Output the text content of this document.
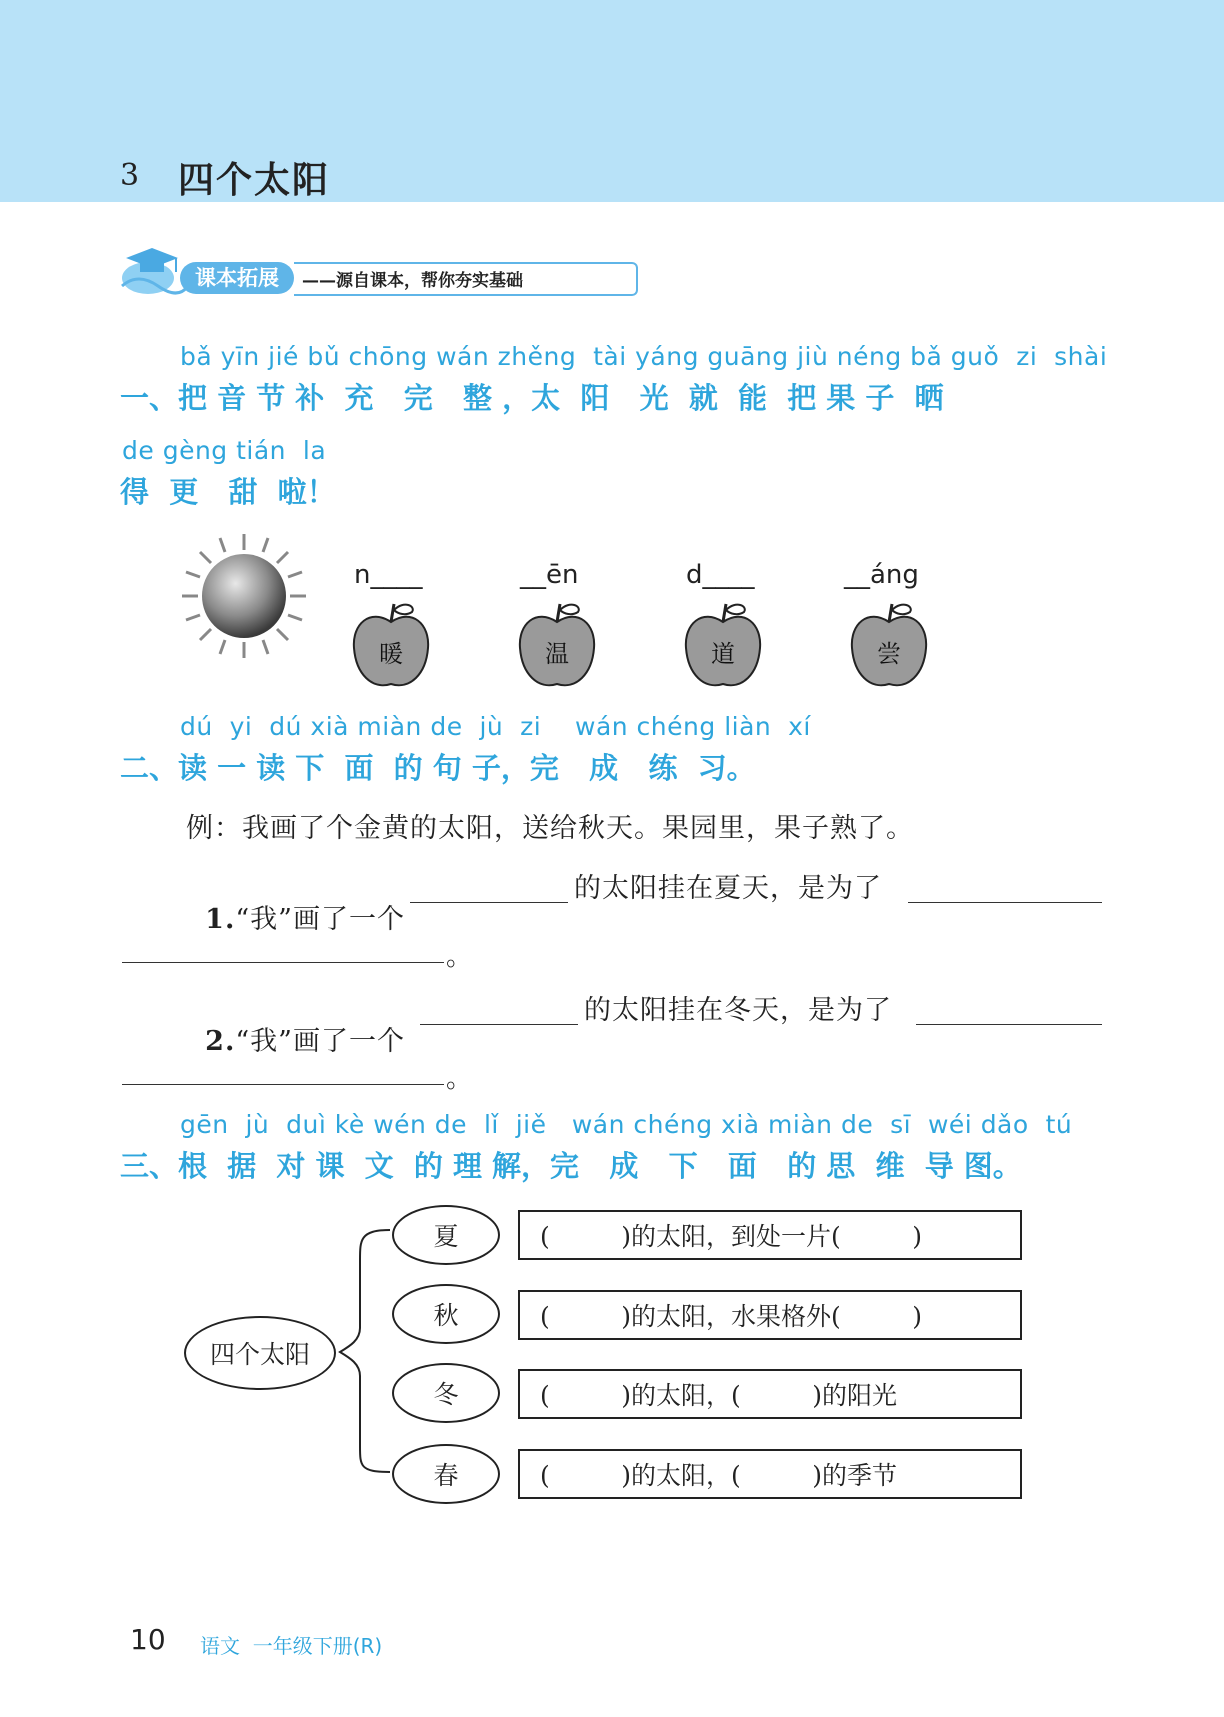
3 四个太阳
课本拓展	——源自课本，帮你夯实基础
bǎ yīn jié bǔ chōng wán zhěng  tài yáng guāng jiù néng bǎ guǒ  zi  shài
一、把 音 节 补  充   完   整 ，太  阳   光  就  能  把 果 子  晒
de gèng tián  la
得  更   甜  啦！
n____
暖
__ēn
温
d____
道
__áng
尝
dú  yi  dú xià miàn de  jù  zi    wán chéng liàn  xí
二、读 一 读 下  面  的 句 子，完   成   练  习。
例：我画了个金黄的太阳，送给秋天。果园里，果子熟了。

1.“我”画了一个

的太阳挂在夏天，是为了
。

2.“我”画了一个

的太阳挂在冬天，是为了
。
gēn  jù  duì kè wén de  lǐ  jiě   wán chéng xià miàn de  sī  wéi dǎo  tú
三、根  据  对 课  文  的 理 解，完   成   下   面   的 思  维  导 图。
四个太阳
夏	(         )的太阳，到处一片(         )
秋	(         )的太阳，水果格外(         )
冬	(         )的太阳，(         )的阳光
春	(         )的太阳，(         )的季节
10 语文  一年级下册(R)
